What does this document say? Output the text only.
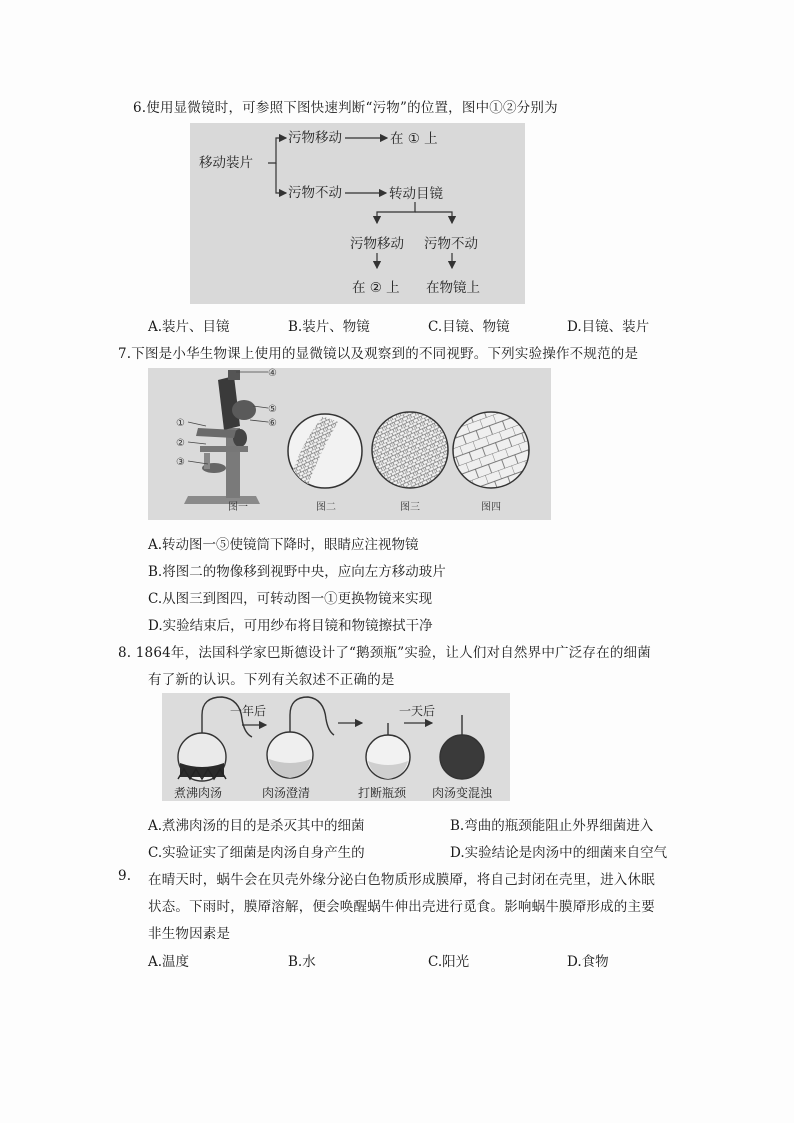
6.使用显微镜时，可参照下图快速判断“污物”的位置，图中①②分别为
移动装片
污物移动	在 ① 上
污物不动	转动目镜
污物移动 污物不动
在 ② 上 在物镜上
A.装片、目镜	B.装片、物镜	C.目镜、物镜	D.目镜、装片
7.下图是小华生物课上使用的显微镜以及观察到的不同视野。下列实验操作不规范的是
④
⑤
⑥
①
②
③
图一	图二	图三	图四
A.转动图一⑤使镜筒下降时，眼睛应注视物镜
B.将图二的物像移到视野中央，应向左方移动玻片
C.从图三到图四，可转动图一①更换物镜来实现
D.实验结束后，可用纱布将目镜和物镜擦拭干净
8. 1864年，法国科学家巴斯德设计了“鹅颈瓶”实验，让人们对自然界中广泛存在的细菌
有了新的认识。下列有关叙述不正确的是
一年后	一天后
煮沸肉汤	肉汤澄清	打断瓶颈 肉汤变混浊
A.煮沸肉汤的目的是杀灭其中的细菌	B.弯曲的瓶颈能阻止外界细菌进入
C.实验证实了细菌是肉汤自身产生的	D.实验结论是肉汤中的细菌来自空气
9. 在晴天时，蜗牛会在贝壳外缘分泌白色物质形成膜厣，将自己封闭在壳里，进入休眠
状态。下雨时，膜厣溶解，便会唤醒蜗牛伸出壳进行觅食。影响蜗牛膜厣形成的主要
非生物因素是
A.温度	B.水	C.阳光	D.食物
